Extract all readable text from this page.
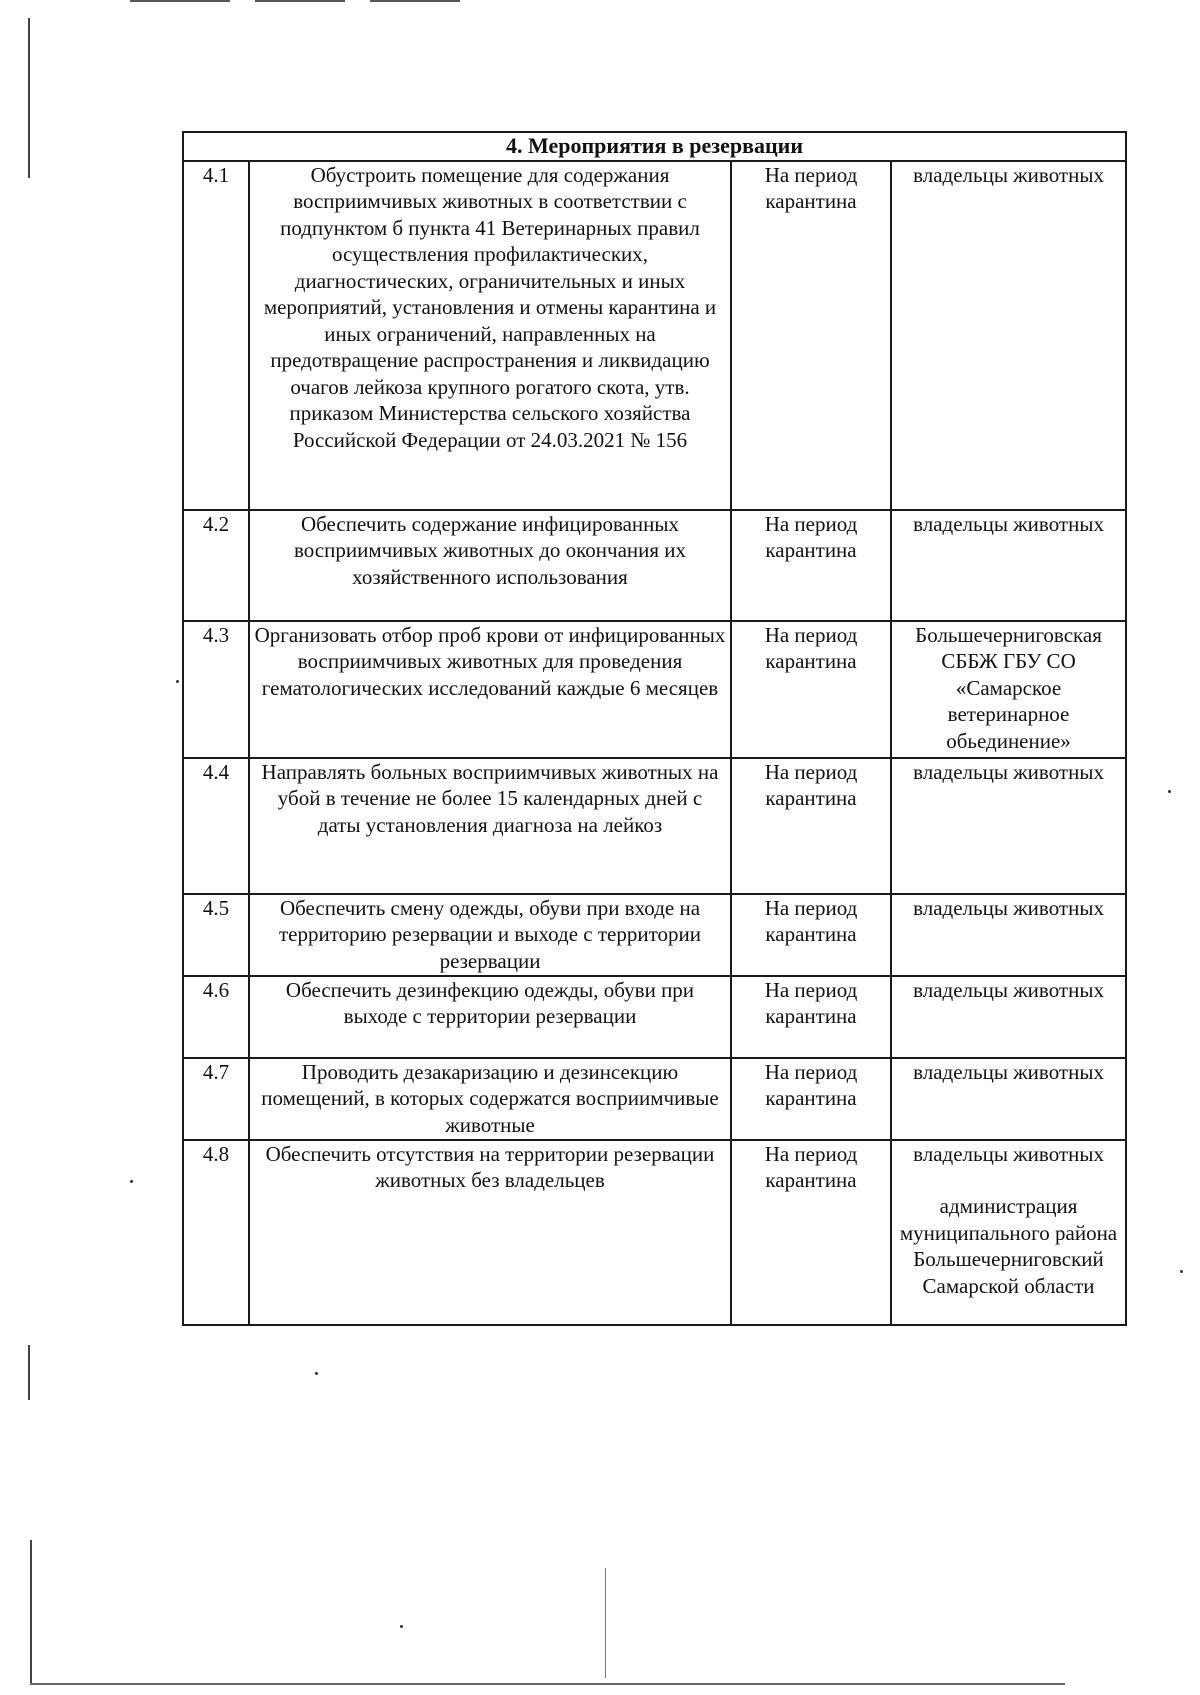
4. Мероприятия в резервации			
4.1	Обустроить помещение для содержания восприимчивых животных в соответствии с подпунктом б пункта 41 Ветеринарных правил осуществления профилактических, диагностических, ограничительных и иных мероприятий, установления и отмены карантина и иных ограничений, направленных на предотвращение распространения и ликвидацию очагов лейкоза крупного рогатого скота, утв. приказом Министерства сельского хозяйства Российской Федерации от 24.03.2021 № 156	На период карантина	владельцы животных

4.2	Обеспечить содержание инфицированных восприимчивых животных до окончания их хозяйственного использования	На период карантина	владельцы животных

4.3	Организовать отбор проб крови от инфицированных восприимчивых животных для проведения гематологических исследований каждые 6 месяцев	На период карантина	Большечерниговская СББЖ ГБУ СО «Самарское ветеринарное обьединение»

4.4	Направлять больных восприимчивых животных на убой в течение не более 15 календарных дней с даты установления диагноза на лейкоз	На период карантина	владельцы животных

4.5	Обеспечить смену одежды, обуви при входе на территорию резервации и выходе с территории резервации	На период карантина	владельцы животных

4.6	Обеспечить дезинфекцию одежды, обуви при выходе с территории резервации	На период карантина	владельцы животных

4.7	Проводить дезакаризацию и дезинсекцию помещений, в которых содержатся восприимчивые животные	На период карантина	владельцы животных

4.8	Обеспечить отсутствия на территории резервации животных без владельцев	На период карантина	владельцы животных
администрация муниципального района Большечерниговский Самарской области
